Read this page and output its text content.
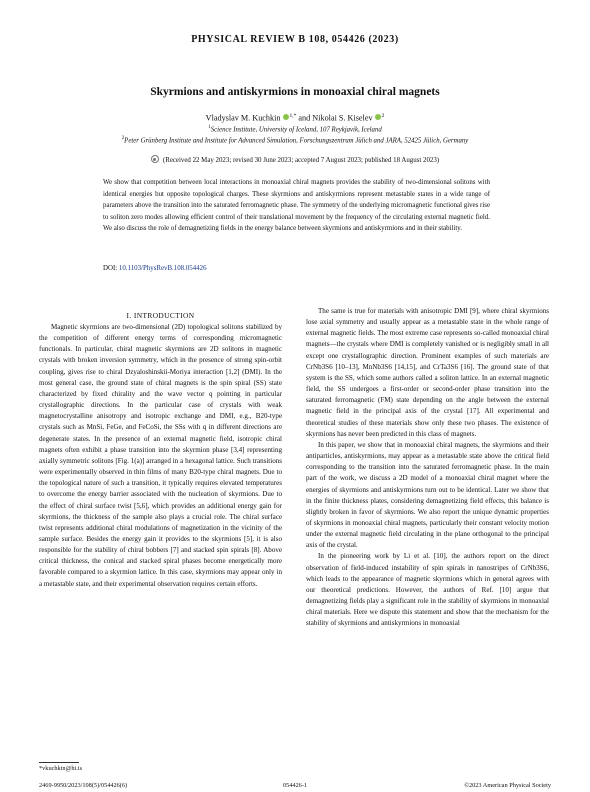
PHYSICAL REVIEW B 108, 054426 (2023)
Skyrmions and antiskyrmions in monoaxial chiral magnets
Vladyslav M. Kuchkin $^{1,*}$ and Nikolai S. Kiselev $^2$
$^1$Science Institute, University of Iceland, 107 Reykjavík, Iceland
$^2$Peter Grünberg Institute and Institute for Advanced Simulation, Forschungszentrum Jülich and JARA, 52425 Jülich, Germany
(Received 22 May 2023; revised 30 June 2023; accepted 7 August 2023; published 18 August 2023)
We show that competition between local interactions in monoaxial chiral magnets provides the stability of two-dimensional solitons with identical energies but opposite topological charges. These skyrmions and antiskyrmions represent metastable states in a wide range of parameters above the transition into the saturated ferromagnetic phase. The symmetry of the underlying micromagnetic functional gives rise to soliton zero modes allowing efficient control of their translational movement by the frequency of the circulating external magnetic field. We also discuss the role of demagnetizing fields in the energy balance between skyrmions and antiskyrmions and in their stability.
DOI: 10.1103/PhysRevB.108.054426
I. INTRODUCTION

Magnetic skyrmions are two-dimensional (2D) topological solitons stabilized by the competition of different energy terms of corresponding micromagnetic functionals. In particular, chiral magnetic skyrmions are 2D solitons in magnetic crystals with broken inversion symmetry, which in the presence of strong spin-orbit coupling, gives rise to chiral Dzyaloshinskii-Moriya interaction [1,2] (DMI). In the most general case, the ground state of chiral magnets is the spin spiral (SS) state characterized by fixed chirality and the wave vector q pointing in particular crystallographic directions. In the particular case of crystals with weak magnetocrystalline anisotropy and isotropic exchange and DMI, e.g., B20-type crystals such as MnSi, FeGe, and FeCoSi, the SSs with q in different directions are degenerate states. In the presence of an external magnetic field, isotropic chiral magnets often exhibit a phase transition into the skyrmion phase [3,4] representing axially symmetric solitons [Fig. 1(a)] arranged in a hexagonal lattice. Such transitions were experimentally observed in thin films of many B20-type chiral magnets. Due to the topological nature of such a transition, it typically requires elevated temperatures to overcome the energy barrier associated with the nucleation of skyrmions. Due to the effect of chiral surface twist [5,6], which provides an additional energy gain for skyrmions, the thickness of the sample also plays a crucial role. The chiral surface twist represents additional chiral modulations of magnetization in the vicinity of the sample surface. Besides the energy gain it provides to the skyrmions [5], it is also responsible for the stability of chiral bobbers [7] and stacked spin spirals [8]. Above critical thickness, the conical and stacked spiral phases become energetically more favorable compared to a skyrmion lattice. In this case, skyrmions may appear only in a metastable state, and their experimental observation requires certain efforts.

The same is true for materials with anisotropic DMI [9], where chiral skyrmions lose axial symmetry and usually appear as a metastable state in the whole range of external magnetic fields. The most extreme case represents so-called monoaxial chiral magnets—the crystals where DMI is completely vanished or is negligibly small in all except one crystallographic direction. Prominent examples of such materials are CrNb3S6 [10–13], MnNb3S6 [14,15], and CrTa3S6 [16]. The ground state of that system is the SS, which some authors called a soliton lattice. In an external magnetic field, the SS undergoes a first-order or second-order phase transition into the saturated ferromagnetic (FM) state depending on the angle between the external magnetic field in the principal axis of the crystal [17]. All experimental and theoretical studies of these materials show only these two phases. The existence of skyrmions has never been predicted in this class of magnets.

In this paper, we show that in monoaxial chiral magnets, the skyrmions and their antiparticles, antiskyrmions, may appear as a metastable state above the critical field corresponding to the transition into the saturated ferromagnetic phase. In the main part of the work, we discuss a 2D model of a monoaxial chiral magnet where the energies of skyrmions and antiskyrmions turn out to be identical. Later we show that in the finite thickness plates, considering demagnetizing field effects, this balance is slightly broken in favor of skyrmions. We also report the unique dynamic properties of skyrmions in monoaxial chiral magnets, particularly their constant velocity motion under the external magnetic field circulating in the plane orthogonal to the principal axis of the crystal.

In the pioneering work by Li et al. [10], the authors report on the direct observation of field-induced instability of spin spirals in nanostripes of CrNb3S6, which leads to the appearance of magnetic skyrmions which in general agrees with our theoretical predictions. However, the authors of Ref. [10] argue that demagnetizing fields play a significant role in the stability of skyrmions in monoaxial chiral materials. Here we dispute this statement and show that the mechanism for the stability of skyrmions and antiskyrmions in monoaxial

*vkuchkin@hi.is
2469-9950/2023/108(5)/054426(6)	054426-1	©2023 American Physical Society
